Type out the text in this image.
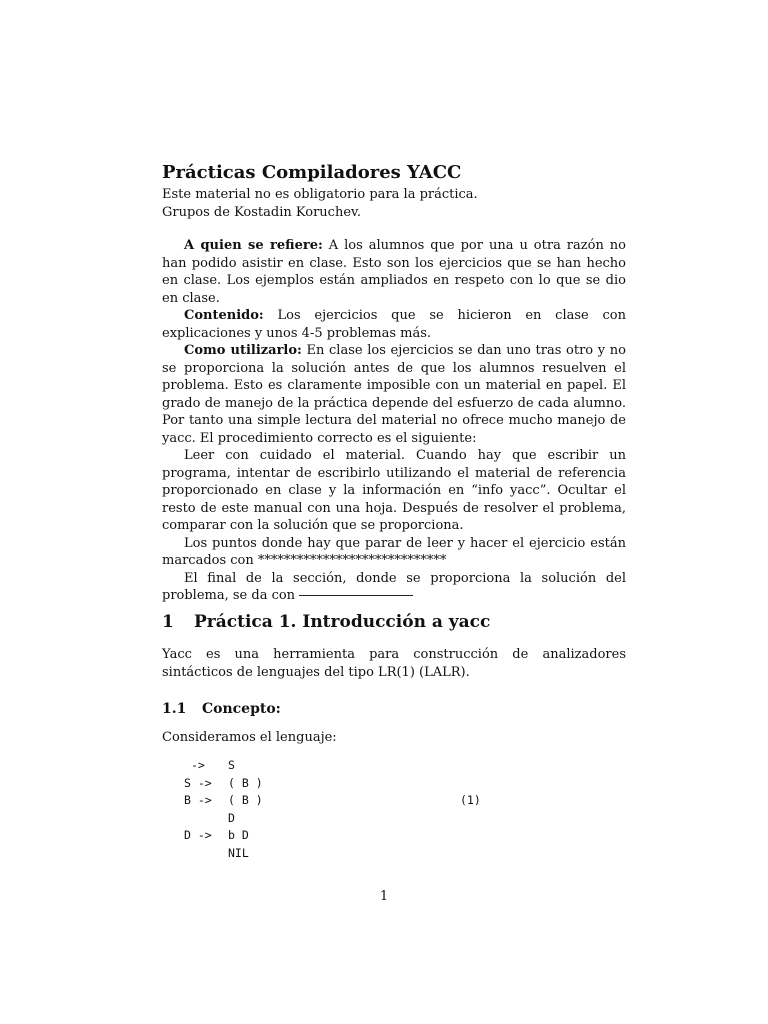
Prácticas Compiladores YACC
Este material no es obligatorio para la práctica.
Grupos de Kostadin Koruchev.

A quien se refiere: A los alumnos que por una u otra razón no han podido asistir en clase. Esto son los ejercicios que se han hecho en clase. Los ejemplos están ampliados en respeto con lo que se dio en clase.

Contenido: Los ejercicios que se hicieron en clase con explicaciones y unos 4-5 problemas más.

Como utilizarlo: En clase los ejercicios se dan uno tras otro y no se proporciona la solución antes de que los alumnos resuelven el problema. Esto es claramente imposible con un material en papel. El grado de manejo de la práctica depende del esfuerzo de cada alumno. Por tanto una simple lectura del material no ofrece mucho manejo de yacc. El procedimiento correcto es el siguiente:

Leer con cuidado el material. Cuando hay que escribir un programa, intentar de escribirlo utilizando el material de referencia proporcionado en clase y la información en “info yacc”. Ocultar el resto de este manual con una hoja. Después de resolver el problema, comparar con la solución que se proporciona.

Los puntos donde hay que parar de leer y hacer el ejercicio están marcados con *****************************

El final de la sección, donde se proporciona la solución del problema, se da con

1 Práctica 1. Introducción a yacc
Yacc es una herramienta para construcción de analizadores sintácticos de lenguajes del tipo LR(1) (LALR).
1.1 Concepto:
Consideramos el lenguaje:
-> S
S -> ( B )
B -> ( B )	(1)
D
D -> b D
NIL
1
